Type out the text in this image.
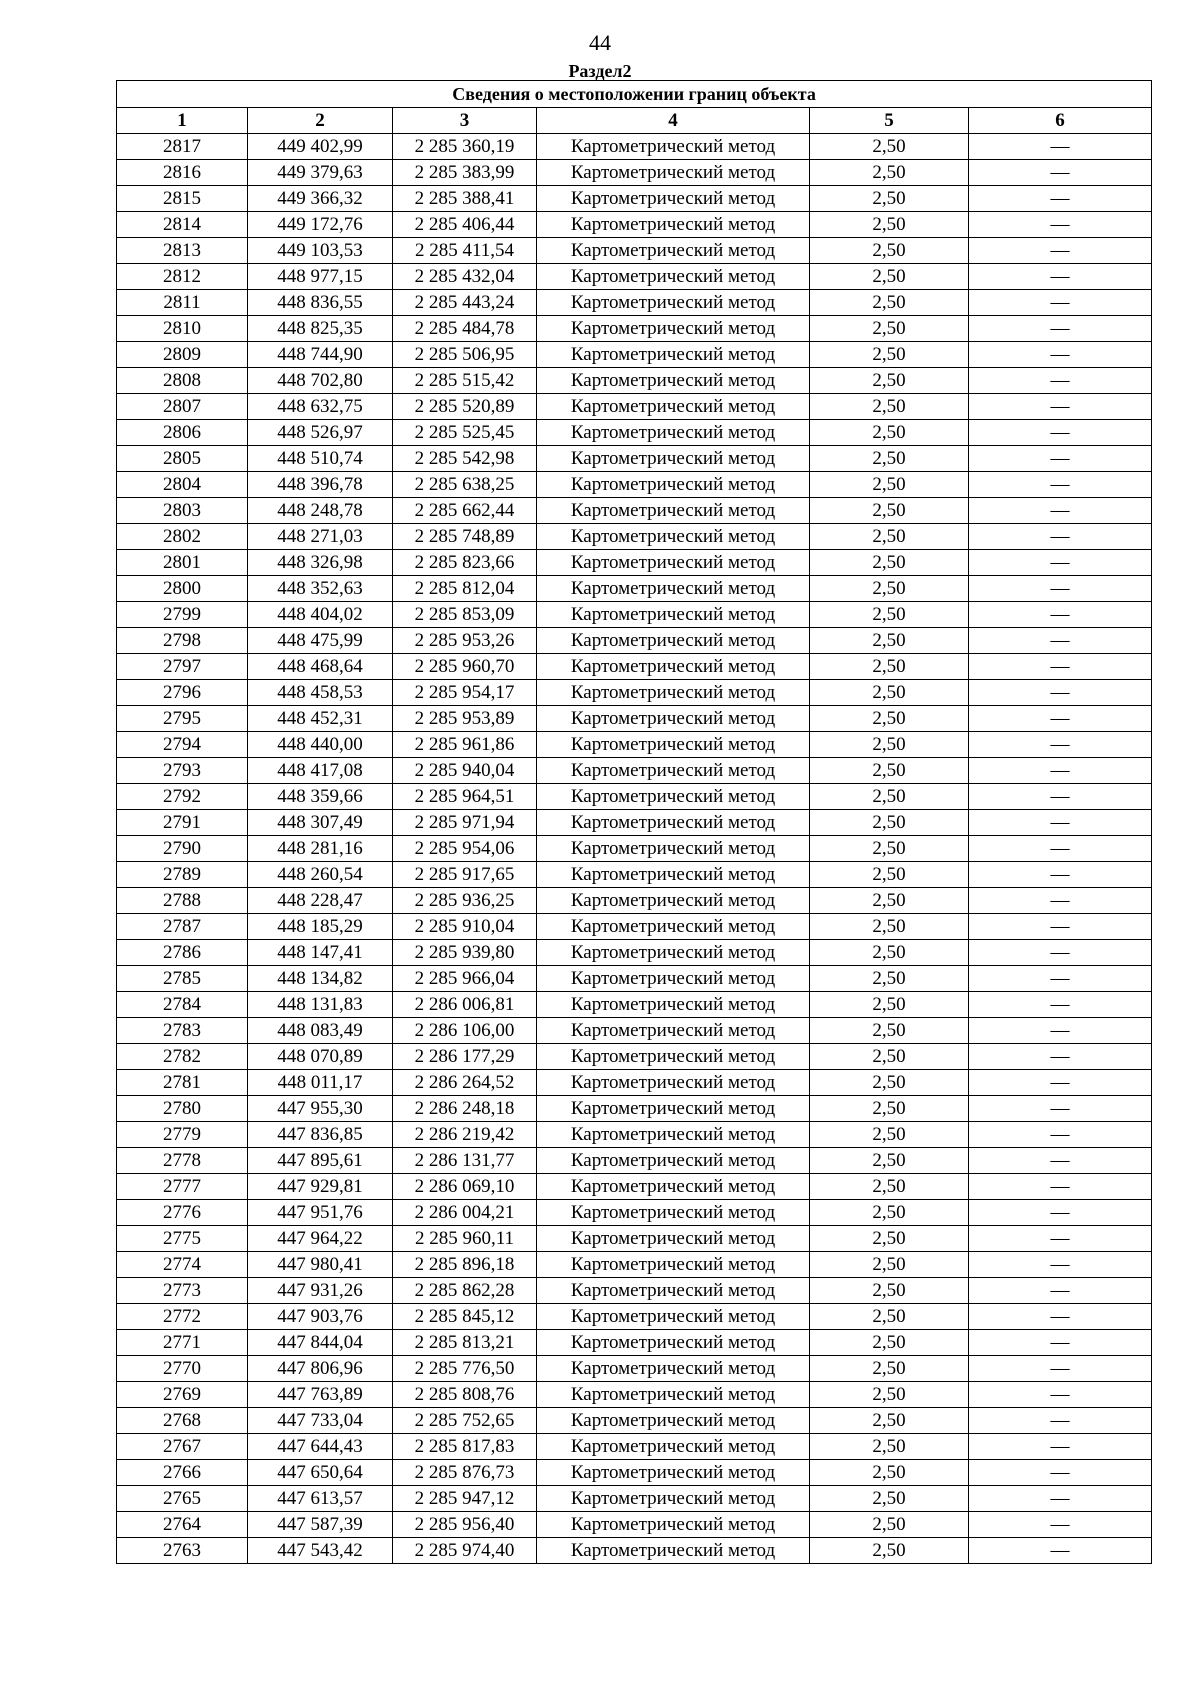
44
Раздел2
Сведения о местоположении границ объекта					
1	2	3	4	5	6
2817	449 402,99	2 285 360,19	Картометрический метод	2,50	—
2816	449 379,63	2 285 383,99	Картометрический метод	2,50	—
2815	449 366,32	2 285 388,41	Картометрический метод	2,50	—
2814	449 172,76	2 285 406,44	Картометрический метод	2,50	—
2813	449 103,53	2 285 411,54	Картометрический метод	2,50	—
2812	448 977,15	2 285 432,04	Картометрический метод	2,50	—
2811	448 836,55	2 285 443,24	Картометрический метод	2,50	—
2810	448 825,35	2 285 484,78	Картометрический метод	2,50	—
2809	448 744,90	2 285 506,95	Картометрический метод	2,50	—
2808	448 702,80	2 285 515,42	Картометрический метод	2,50	—
2807	448 632,75	2 285 520,89	Картометрический метод	2,50	—
2806	448 526,97	2 285 525,45	Картометрический метод	2,50	—
2805	448 510,74	2 285 542,98	Картометрический метод	2,50	—
2804	448 396,78	2 285 638,25	Картометрический метод	2,50	—
2803	448 248,78	2 285 662,44	Картометрический метод	2,50	—
2802	448 271,03	2 285 748,89	Картометрический метод	2,50	—
2801	448 326,98	2 285 823,66	Картометрический метод	2,50	—
2800	448 352,63	2 285 812,04	Картометрический метод	2,50	—
2799	448 404,02	2 285 853,09	Картометрический метод	2,50	—
2798	448 475,99	2 285 953,26	Картометрический метод	2,50	—
2797	448 468,64	2 285 960,70	Картометрический метод	2,50	—
2796	448 458,53	2 285 954,17	Картометрический метод	2,50	—
2795	448 452,31	2 285 953,89	Картометрический метод	2,50	—
2794	448 440,00	2 285 961,86	Картометрический метод	2,50	—
2793	448 417,08	2 285 940,04	Картометрический метод	2,50	—
2792	448 359,66	2 285 964,51	Картометрический метод	2,50	—
2791	448 307,49	2 285 971,94	Картометрический метод	2,50	—
2790	448 281,16	2 285 954,06	Картометрический метод	2,50	—
2789	448 260,54	2 285 917,65	Картометрический метод	2,50	—
2788	448 228,47	2 285 936,25	Картометрический метод	2,50	—
2787	448 185,29	2 285 910,04	Картометрический метод	2,50	—
2786	448 147,41	2 285 939,80	Картометрический метод	2,50	—
2785	448 134,82	2 285 966,04	Картометрический метод	2,50	—
2784	448 131,83	2 286 006,81	Картометрический метод	2,50	—
2783	448 083,49	2 286 106,00	Картометрический метод	2,50	—
2782	448 070,89	2 286 177,29	Картометрический метод	2,50	—
2781	448 011,17	2 286 264,52	Картометрический метод	2,50	—
2780	447 955,30	2 286 248,18	Картометрический метод	2,50	—
2779	447 836,85	2 286 219,42	Картометрический метод	2,50	—
2778	447 895,61	2 286 131,77	Картометрический метод	2,50	—
2777	447 929,81	2 286 069,10	Картометрический метод	2,50	—
2776	447 951,76	2 286 004,21	Картометрический метод	2,50	—
2775	447 964,22	2 285 960,11	Картометрический метод	2,50	—
2774	447 980,41	2 285 896,18	Картометрический метод	2,50	—
2773	447 931,26	2 285 862,28	Картометрический метод	2,50	—
2772	447 903,76	2 285 845,12	Картометрический метод	2,50	—
2771	447 844,04	2 285 813,21	Картометрический метод	2,50	—
2770	447 806,96	2 285 776,50	Картометрический метод	2,50	—
2769	447 763,89	2 285 808,76	Картометрический метод	2,50	—
2768	447 733,04	2 285 752,65	Картометрический метод	2,50	—
2767	447 644,43	2 285 817,83	Картометрический метод	2,50	—
2766	447 650,64	2 285 876,73	Картометрический метод	2,50	—
2765	447 613,57	2 285 947,12	Картометрический метод	2,50	—
2764	447 587,39	2 285 956,40	Картометрический метод	2,50	—
2763	447 543,42	2 285 974,40	Картометрический метод	2,50	—
